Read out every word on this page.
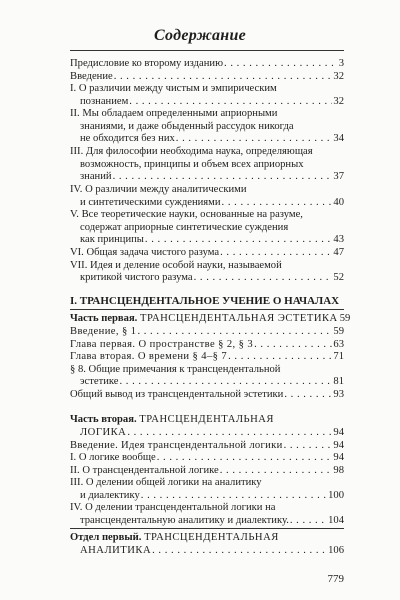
Содержание
Предисловие ко второму изданию . . .	3
Введение . . .	32
I. О различии между чистым и эмпирическим
познанием . . .	32
II. Мы обладаем определенными априорными
знаниями, и даже обыденный рассудок никогда
не обходится без них . . .	34
III. Для философии необходима наука, определяющая
возможность, принципы и объем всех априорных
знаний . . .	37
IV. О различии между аналитическими
и синтетическими суждениями . . .	40
V. Все теоретические науки, основанные на разуме,
содержат априорные синтетические суждения
как принципы . . .	43
VI. Общая задача чистого разума . . .	47
VII. Идея и деление особой науки, называемой
критикой чистого разума . . .	52
I. ТРАНСЦЕНДЕНТАЛЬНОЕ УЧЕНИЕ О НАЧАЛАХ
Часть первая. ТРАНСЦЕНДЕНТАЛЬНАЯ ЭСТЕТИКА 59
Введение, § 1 . . .	59
Глава первая. О пространстве § 2, § 3 . . .	63
Глава вторая. О времени § 4–§ 7 . . .	71
§ 8. Общие примечания к трансцендентальной
эстетике . . .	81
Общий вывод из трансцендентальной эстетики . . .	93
Часть вторая. ТРАНСЦЕНДЕНТАЛЬНАЯ
ЛОГИКА . . .	94
Введение. Идея трансцендентальной логики . . .	94
I. О логике вообще . . .	94
II. О трансцендентальной логике . . .	98
III. О делении общей логики на аналитику
и диалектику . . .	100
IV. О делении трансцендентальной логики на
трансцендентальную аналитику и диалектику. . . .	104
Отдел первый. ТРАНСЦЕНДЕНТАЛЬНАЯ
АНАЛИТИКА . . .	106
779
